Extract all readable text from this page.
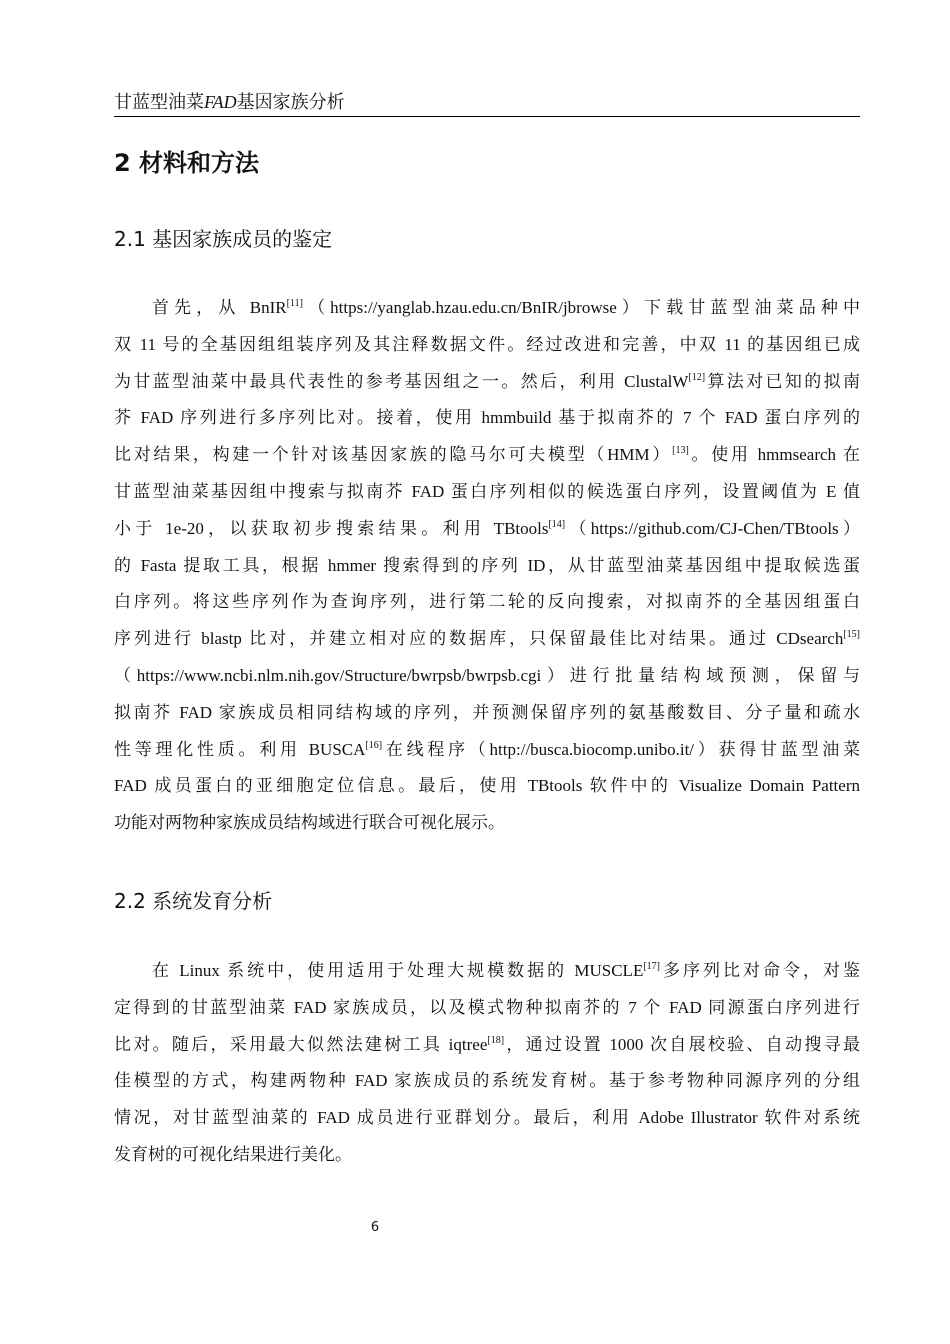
甘蓝型油菜FAD基因家族分析
2 材料和方法
2.1 基因家族成员的鉴定
首先，从 BnIR[11]（https://yanglab.hzau.edu.cn/BnIR/jbrowse）下载甘蓝型油菜品种中
双 11 号的全基因组组装序列及其注释数据文件。经过改进和完善，中双 11 的基因组已成
为甘蓝型油菜中最具代表性的参考基因组之一。然后，利用 ClustalW[12]算法对已知的拟南
芥 FAD 序列进行多序列比对。接着，使用 hmmbuild 基于拟南芥的 7 个 FAD 蛋白序列的
比对结果，构建一个针对该基因家族的隐马尔可夫模型（HMM）[13]。使用 hmmsearch 在
甘蓝型油菜基因组中搜索与拟南芥 FAD 蛋白序列相似的候选蛋白序列，设置阈值为 E 值
小于 1e-20，以获取初步搜索结果。利用 TBtools[14]（https://github.com/CJ-Chen/TBtools）
的 Fasta 提取工具，根据 hmmer 搜索得到的序列 ID，从甘蓝型油菜基因组中提取候选蛋
白序列。将这些序列作为查询序列，进行第二轮的反向搜索，对拟南芥的全基因组蛋白
序列进行 blastp 比对，并建立相对应的数据库，只保留最佳比对结果。通过 CDsearch[15]
（https://www.ncbi.nlm.nih.gov/Structure/bwrpsb/bwrpsb.cgi）进行批量结构域预测，保留与
拟南芥 FAD 家族成员相同结构域的序列，并预测保留序列的氨基酸数目、分子量和疏水
性等理化性质。利用 BUSCA[16]在线程序（http://busca.biocomp.unibo.it/）获得甘蓝型油菜
FAD 成员蛋白的亚细胞定位信息。最后，使用 TBtools 软件中的 Visualize Domain Pattern
功能对两物种家族成员结构域进行联合可视化展示。
2.2 系统发育分析
在 Linux 系统中，使用适用于处理大规模数据的 MUSCLE[17]多序列比对命令，对鉴
定得到的甘蓝型油菜 FAD 家族成员，以及模式物种拟南芥的 7 个 FAD 同源蛋白序列进行
比对。随后，采用最大似然法建树工具 iqtree[18]，通过设置 1000 次自展校验、自动搜寻最
佳模型的方式，构建两物种 FAD 家族成员的系统发育树。基于参考物种同源序列的分组
情况，对甘蓝型油菜的 FAD 成员进行亚群划分。最后，利用 Adobe Illustrator 软件对系统
发育树的可视化结果进行美化。
6
